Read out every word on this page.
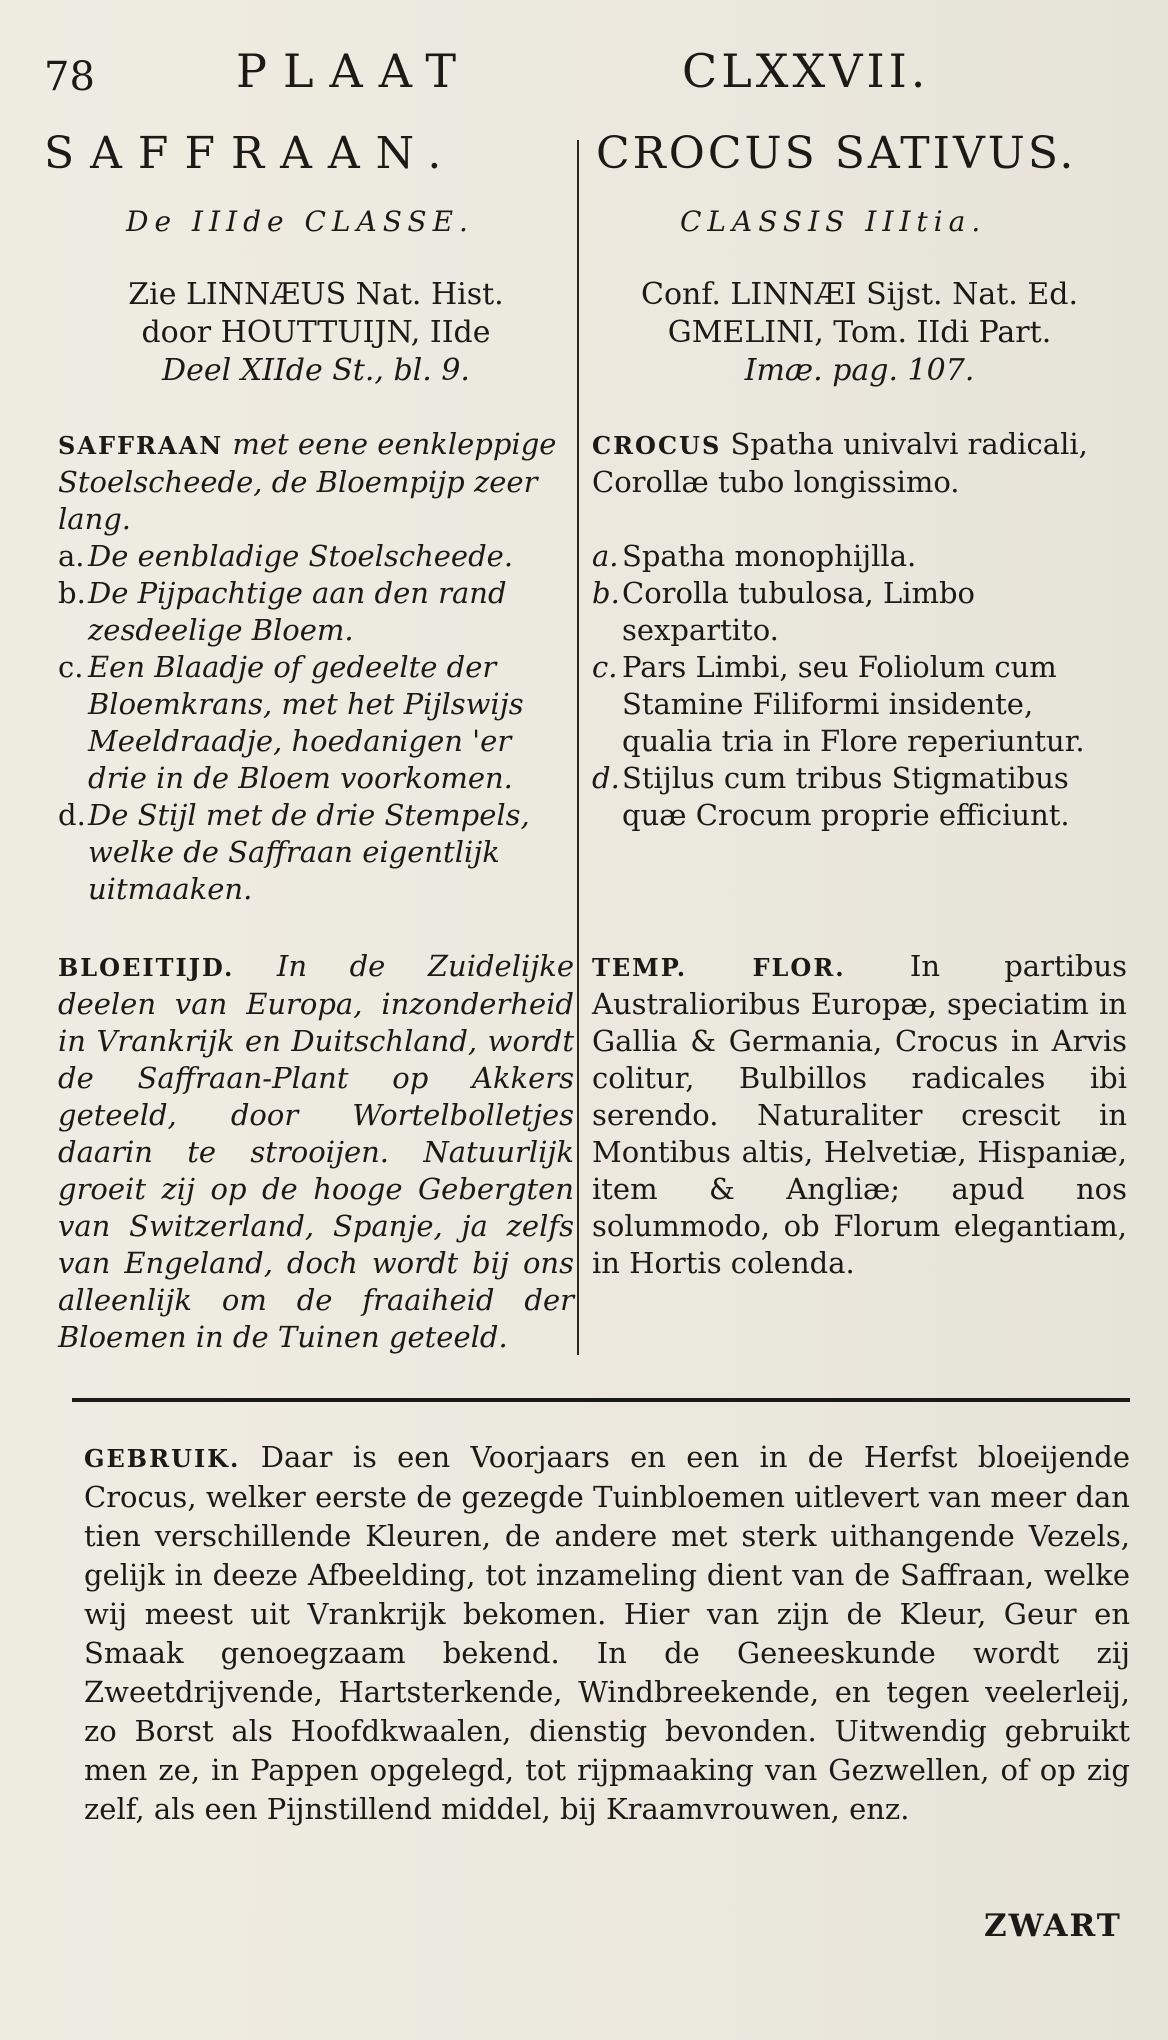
78	PLAAT	CLXXVII.
SAFFRAAN.	CROCUS SATIVUS.
De IIIde CLASSE.	CLASSIS IIItia.
Zie LINNÆUS Nat. Hist.
door HOUTTUIJN, IIde
Deel XIIde St., bl. 9.
Conf. LINNÆI Sijst. Nat. Ed.
GMELINI, Tom. IIdi Part.
Imæ. pag. 107.

SAFFRAAN met eene eenkleppige Stoelscheede, de Bloempijp zeer lang.

a. De eenbladige Stoelscheede.
b. De Pijpachtige aan den rand zesdeelige Bloem.
c. Een Blaadje of gedeelte der Bloemkrans, met het Pijlswijs Meeldraadje, hoedanigen 'er drie in de Bloem voorkomen.
d. De Stijl met de drie Stempels, welke de Saffraan eigentlijk uitmaaken.

CROCUS Spatha univalvi radicali, Corollæ tubo longissimo.

a. Spatha monophijlla.
b. Corolla tubulosa, Limbo sexpartito.
c. Pars Limbi, seu Foliolum cum Stamine Filiformi insidente, qualia tria in Flore reperiuntur.
d. Stijlus cum tribus Stigmatibus quæ Crocum proprie efficiunt.

BLOEITIJD. In de Zuidelijke deelen van Europa, inzonderheid in Vrankrijk en Duitschland, wordt de Saffraan-Plant op Akkers geteeld, door Wortelbolletjes daarin te strooijen. Natuurlijk groeit zij op de hooge Gebergten van Switzerland, Spanje, ja zelfs van Engeland, doch wordt bij ons alleenlijk om de fraaiheid der Bloemen in de Tuinen geteeld.

TEMP. FLOR. In partibus Australioribus Europæ, speciatim in Gallia & Germania, Crocus in Arvis colitur, Bulbillos radicales ibi serendo. Naturaliter crescit in Montibus altis, Helvetiæ, Hispaniæ, item & Angliæ; apud nos solummodo, ob Florum elegantiam, in Hortis colenda.

GEBRUIK. Daar is een Voorjaars en een in de Herfst bloeijende Crocus, welker eerste de gezegde Tuinbloemen uitlevert van meer dan tien verschillende Kleuren, de andere met sterk uithangende Vezels, gelijk in deeze Afbeelding, tot inzameling dient van de Saffraan, welke wij meest uit Vrankrijk bekomen. Hier van zijn de Kleur, Geur en Smaak genoegzaam bekend. In de Geneeskunde wordt zij Zweetdrijvende, Hartsterkende, Windbreekende, en tegen veelerleij, zo Borst als Hoofdkwaalen, dienstig bevonden. Uitwendig gebruikt men ze, in Pappen opgelegd, tot rijpmaaking van Gezwellen, of op zig zelf, als een Pijnstillend middel, bij Kraamvrouwen, enz.

ZWART
